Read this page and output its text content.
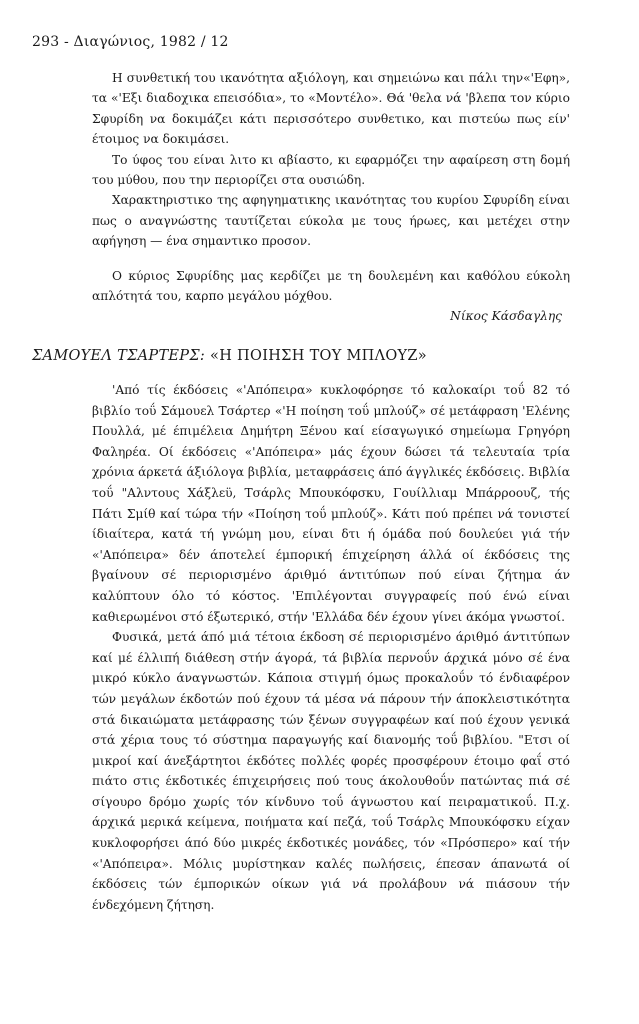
293 - Διαγώνιος, 1982 / 12

Η συνθετική του ικανότητα αξιόλογη, και σημειώνω και πάλι την«'Εφη», τα «'Εξι διαδοχικα επεισόδια», το «Μοντέλο». Θά 'θελα νά 'βλεπα τον κύριο Σφυρίδη να δοκιμάζει κάτι περισσότερο συνθετικο, και πιστεύω πως είν' έτοιμος να δοκιμάσει.

Το ύφος του είναι λιτο κι αβίαστο, κι εφαρμόζει την αφαίρεση στη δομή του μύθου, που την περιορίζει στα ουσιώδη.

Χαρακτηριστικο της αφηγηματικης ικανότητας του κυρίου Σφυρίδη είναι πως ο αναγνώστης ταυτίζεται εύκολα με τους ήρωες, και μετέχει στην αφήγηση — ένα σημαντικο προσον.

Ο κύριος Σφυρίδης μας κερδίζει με τη δουλεμένη και καθόλου εύκολη απλότητά του, καρπο μεγάλου μόχθου.

Νίκος Κάσδαγλης

ΣΑΜΟΥΕΛ ΤΣΑΡΤΕΡΣ: «Η ΠΟΙΗΣΗ ΤΟΥ ΜΠΛΟΥΖ»

'Από τίς έκδόσεις «'Απόπειρα» κυκλοφόρησε τό καλοκαίρι τοΰ 82 τό βιβλίο τοΰ Σάμουελ Τσάρτερ «'Η ποίηση τοΰ μπλούζ» σέ μετάφραση 'Ελένης Πουλλά, μέ έπιμέλεια Δημήτρη Ξένου καί είσαγωγικό σημείωμα Γρηγόρη Φαληρέα. Οί έκδόσεις «'Απόπειρα» μάς έχουν δώσει τά τελευταία τρία χρόνια άρκετά άξιόλογα βιβλία, μεταφράσεις άπό άγγλικές έκδόσεις. Βιβλία τοΰ "Αλντους Χάξλεϋ, Τσάρλς Μπουκόφσκυ, Γουίλλιαμ Μπάρροουζ, τής Πάτι Σμίθ καί τώρα τήν «Ποίηση τοΰ μπλούζ». Κάτι πού πρέπει νά τονιστεί ίδιαίτερα, κατά τή γνώμη μου, είναι δτι ή όμάδα πού δουλεύει γιά τήν «'Απόπειρα» δέν άποτελεί έμπορική έπιχείρηση άλλά οί έκδόσεις της βγαίνουν σέ περιορισμένο άριθμό άντιτύπων πού είναι ζήτημα άν καλύπτουν όλο τό κόστος. 'Επιλέγονται συγγραφείς πού ένώ είναι καθιερωμένοι στό έξωτερικό, στήν 'Ελλάδα δέν έχουν γίνει άκόμα γνωστοί.

Φυσικά, μετά άπό μιά τέτοια έκδοση σέ περιορισμένο άριθμό άντιτύπων καί μέ έλλιπή διάθεση στήν άγορά, τά βιβλία περνοΰν άρχικά μόνο σέ ένα μικρό κύκλο άναγνωστών. Κάποια στιγμή όμως προκαλοΰν τό ένδιαφέρον τών μεγάλων έκδοτών πού έχουν τά μέσα νά πάρουν τήν άποκλειστικότητα στά δικαιώματα μετάφρασης τών ξένων συγγραφέων καί πού έχουν γενικά στά χέρια τους τό σύστημα παραγωγής καί διανομής τοΰ βιβλίου. "Ετσι οί μικροί καί άνεξάρτητοι έκδότες πολλές φορές προσφέρουν έτοιμο φαΐ στό πιάτο στις έκδοτικές έπιχειρήσεις πού τους άκολουθοΰν πατώντας πιά σέ σίγουρο δρόμο χωρίς τόν κίνδυνο τοΰ άγνωστου καί πειραματικοΰ. Π.χ. άρχικά μερικά κείμενα, ποιήματα καί πεζά, τοΰ Τσάρλς Μπουκόφσκυ είχαν κυκλοφορήσει άπό δύο μικρές έκδοτικές μονάδες, τόν «Πρόσπερο» καί τήν «'Απόπειρα». Μόλις μυρίστηκαν καλές πωλήσεις, έπεσαν άπανωτά οί έκδόσεις τών έμπορικών οίκων γιά νά προλάβουν νά πιάσουν τήν ένδεχόμενη ζήτηση.
